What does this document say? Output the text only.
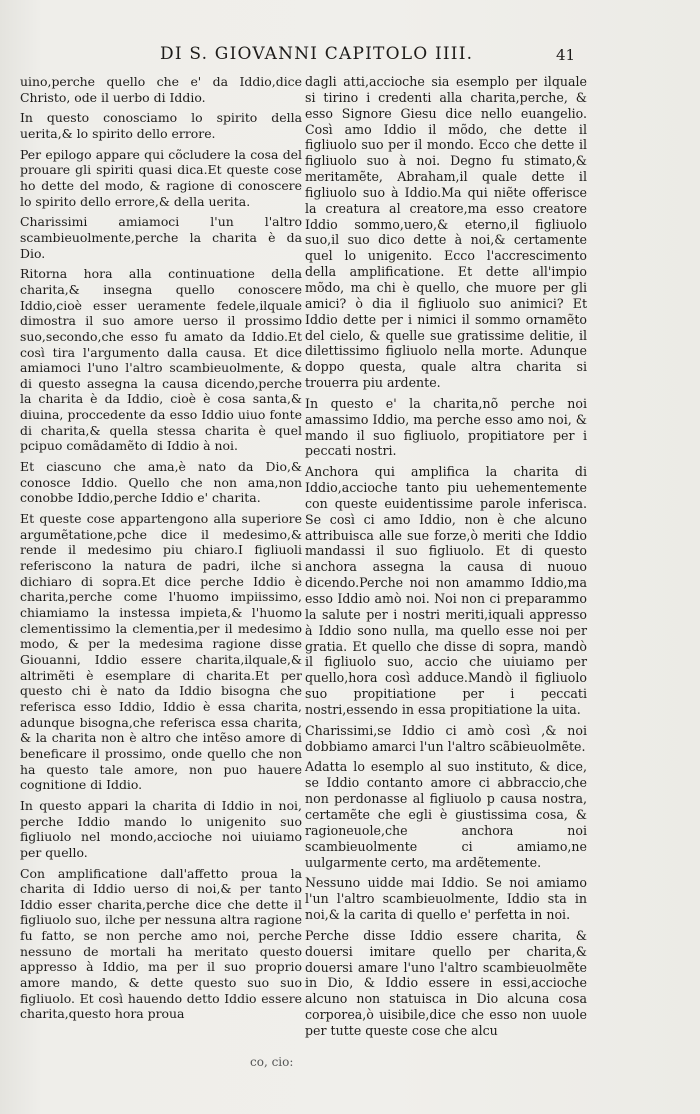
DI S. GIOVANNI CAPITOLO IIII.	41

uino,perche quello che e' da Iddio,dice Christo, ode il uerbo di Iddio.

In questo conosciamo lo spirito della uerita,& lo spirito dello errore.

Per epilogo appare qui cõcludere la cosa del prouare gli spiriti quasi dica.Et queste cose ho dette del modo, & ragione di conoscere lo spirito dello errore,& della uerita.

Charissimi amiamoci l'un l'altro scambieuolmente,perche la charita è da Dio.

Ritorna hora alla continuatione della charita,& insegna quello conoscere Iddio,cioè esser ueramente fedele,ilquale dimostra il suo amore uerso il prossimo suo,secondo,che esso fu amato da Iddio.Et così tira l'argumento dalla causa. Et dice amiamoci l'uno l'altro scambieuolmente, & di questo assegna la causa dicendo,perche la charita è da Iddio, cioè è cosa santa,& diuina, proccedente da esso Iddio uiuo fonte di charita,& quella stessa charita è quel pcipuo comãdamẽto di Iddio à noi.

Et ciascuno che ama,è nato da Dio,& conosce Iddio. Quello che non ama,non conobbe Iddio,perche Iddio e' charita.

Et queste cose appartengono alla superiore argumẽtatione,pche dice il medesimo,& rende il medesimo piu chiaro.I figliuoli referiscono la natura de padri, ilche si dichiaro di sopra.Et dice perche Iddio è charita,perche come l'huomo impiissimo, chiamiamo la instessa impieta,& l'huomo clementissimo la clementia,per il medesimo modo, & per la medesima ragione disse Giouanni, Iddio essere charita,ilquale,& altrimẽti è esemplare di charita.Et per questo chi è nato da Iddio bisogna che referisca esso Iddio, Iddio è essa charita, adunque bisogna,che referisca essa charita, & la charita non è altro che intẽso amore di beneficare il prossimo, onde quello che non ha questo tale amore, non puo hauere cognitione di Iddio.

In questo appari la charita di Iddio in noi, perche Iddio mando lo unigenito suo figliuolo nel mondo,accioche noi uiuiamo per quello.

Con amplificatione dall'affetto proua la charita di Iddio uerso di noi,& per tanto Iddio esser charita,perche dice che dette il figliuolo suo, ilche per nessuna altra ragione fu fatto, se non perche amo noi, perche nessuno de mortali ha meritato questo appresso à Iddio, ma per il suo proprio amore mando, & dette questo suo suo figliuolo. Et così hauendo detto Iddio essere charita,questo hora proua

dagli atti,accioche sia esemplo per ilquale si tirino i credenti alla charita,perche, & esso Signore Giesu dice nello euangelio. Così amo Iddio il mõdo, che dette il figliuolo suo per il mondo. Ecco che dette il figliuolo suo à noi. Degno fu stimato,& meritamẽte, Abraham,il quale dette il figliuolo suo à Iddio.Ma qui niẽte offerisce la creatura al creatore,ma esso creatore Iddio sommo,uero,& eterno,il figliuolo suo,il suo dico dette à noi,& certamente quel lo unigenito. Ecco l'accrescimento della amplificatione. Et dette all'impio mõdo, ma chi è quello, che muore per gli amici? ò dia il figliuolo suo animici? Et Iddio dette per i nimici il sommo ornamẽto del cielo, & quelle sue gratissime delitie, il dilettissimo figliuolo nella morte. Adunque doppo questa, quale altra charita si trouerra piu ardente.

In questo e' la charita,nõ perche noi amassimo Iddio, ma perche esso amo noi, & mando il suo figliuolo, propitiatore per i peccati nostri.

Anchora qui amplifica la charita di Iddio,accioche tanto piu uehementemente con queste euidentissime parole inferisca. Se così ci amo Iddio, non è che alcuno attribuisca alle sue forze,ò meriti che Iddio mandassi il suo figliuolo. Et di questo anchora assegna la causa di nuouo dicendo.Perche noi non amammo Iddio,ma esso Iddio amò noi. Noi non ci preparammo la salute per i nostri meriti,iquali appresso à Iddio sono nulla, ma quello esse noi per gratia. Et quello che disse di sopra, mandò il figliuolo suo, accio che uiuiamo per quello,hora così adduce.Mandò il figliuolo suo propitiatione per i peccati nostri,essendo in essa propitiatione la uita.

Charissimi,se Iddio ci amò così ,& noi dobbiamo amarci l'un l'altro scãbieuolmẽte.

Adatta lo esemplo al suo instituto, & dice, se Iddio contanto amore ci abbraccio,che non perdonasse al figliuolo p causa nostra, certamẽte che egli è giustissima cosa, & ragioneuole,che anchora noi scambieuolmente ci amiamo,ne uulgarmente certo, ma ardẽtemente.

Nessuno uidde mai Iddio. Se noi amiamo l'un l'altro scambieuolmente, Iddio sta in noi,& la carita di quello e' perfetta in noi.

Perche disse Iddio essere charita, & douersi imitare quello per charita,& douersi amare l'uno l'altro scambieuolmẽte in Dio, & Iddio essere in essi,accioche alcuno non statuisca in Dio alcuna cosa corporea,ò uisibile,dice che esso non uuole per tutte queste cose che alcu

co, cio:
